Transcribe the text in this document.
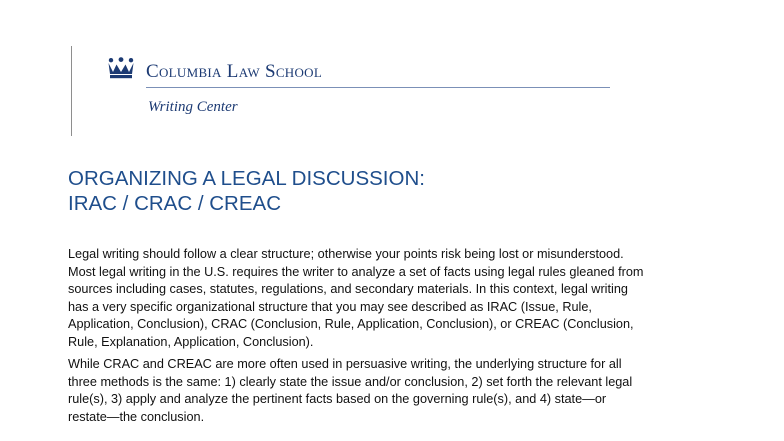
Columbia Law School
Writing Center
ORGANIZING A LEGAL DISCUSSION:
IRAC / CRAC / CREAC

Legal writing should follow a clear structure; otherwise your points risk being lost or misunderstood.
Most legal writing in the U.S. requires the writer to analyze a set of facts using legal rules gleaned from
sources including cases, statutes, regulations, and secondary materials. In this context, legal writing
has a very specific organizational structure that you may see described as IRAC (Issue, Rule,
Application, Conclusion), CRAC (Conclusion, Rule, Application, Conclusion), or CREAC (Conclusion,
Rule, Explanation, Application, Conclusion).

While CRAC and CREAC are more often used in persuasive writing, the underlying structure for all
three methods is the same: 1) clearly state the issue and/or conclusion, 2) set forth the relevant legal
rule(s), 3) apply and analyze the pertinent facts based on the governing rule(s), and 4) state—or
restate—the conclusion.
